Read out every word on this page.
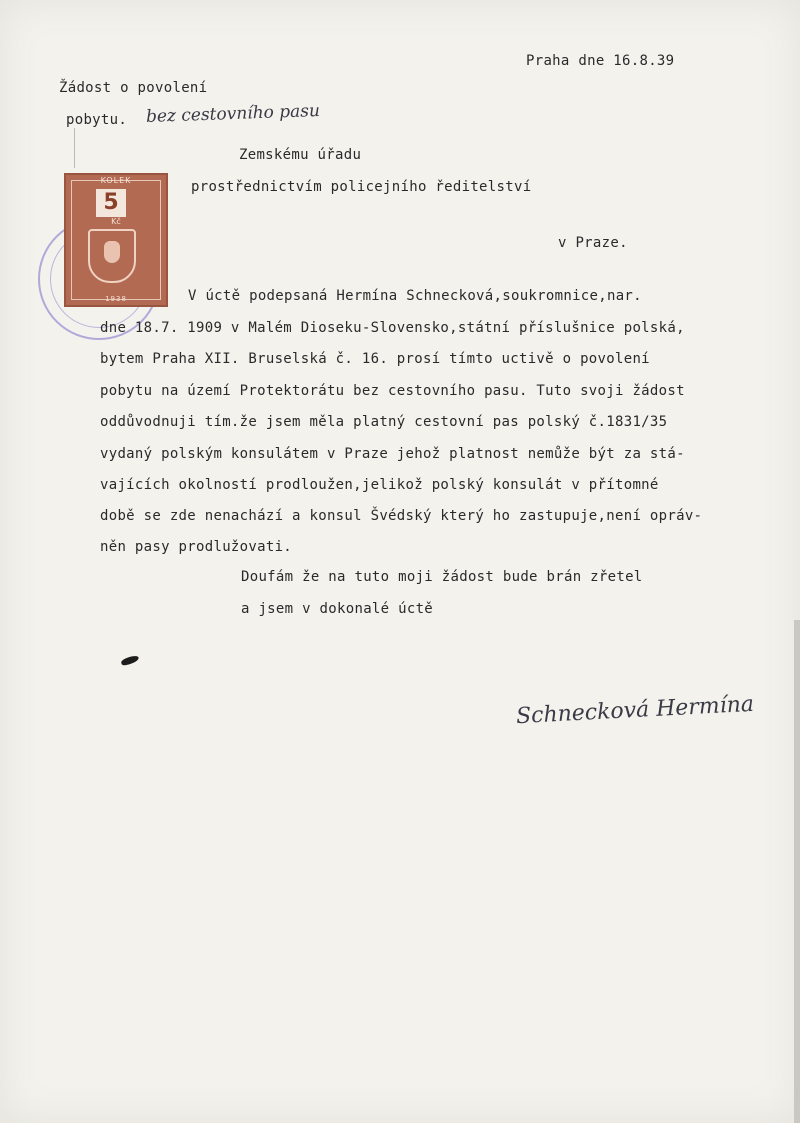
Praha dne 16.8.39
Žádost o povolení
pobytu. bez cestovního pasu
Zemskému úřadu
prostřednictvím policejního ředitelství
v Praze.
KOLEK
5
Kč
1938	V úctě podepsaná Hermína Schnecková,soukromnice,nar.
dne 18.7. 1909 v Malém Dioseku-Slovensko,státní příslušnice polská,
bytem Praha XII. Bruselská č. 16. prosí tímto uctivě o povolení
pobytu na území Protektorátu bez cestovního pasu. Tuto svoji žádost
oddůvodnuji tím.že jsem měla platný cestovní pas polský č.1831/35
vydaný polským konsulátem v Praze jehož platnost nemůže být za stá-
vajících okolností prodloužen,jelikož polský konsulát v přítomné
době se zde nenachází a konsul Švédský který ho zastupuje,není opráv-
něn pasy prodlužovati.
Doufám že na tuto moji žádost bude brán zřetel
a jsem v dokonalé úctě
Schnecková Hermína
